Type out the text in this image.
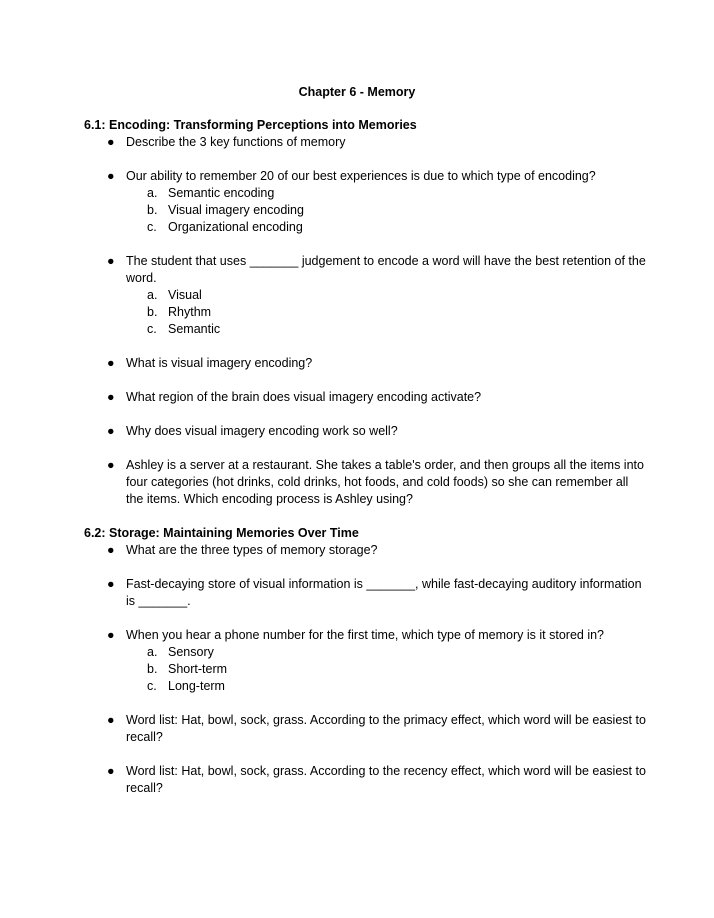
Chapter 6 - Memory
6.1: Encoding: Transforming Perceptions into Memories
● Describe the 3 key functions of memory
● Our ability to remember 20 of our best experiences is due to which type of encoding?
a. Semantic encoding
b. Visual imagery encoding
c. Organizational encoding
● The student that uses _______ judgement to encode a word will have the best retention of the word.
a. Visual
b. Rhythm
c. Semantic
● What is visual imagery encoding?
● What region of the brain does visual imagery encoding activate?
● Why does visual imagery encoding work so well?
● Ashley is a server at a restaurant. She takes a table's order, and then groups all the items into four categories (hot drinks, cold drinks, hot foods, and cold foods) so she can remember all the items. Which encoding process is Ashley using?
6.2: Storage: Maintaining Memories Over Time
● What are the three types of memory storage?
● Fast-decaying store of visual information is _______, while fast-decaying auditory information is _______.
● When you hear a phone number for the first time, which type of memory is it stored in?
a. Sensory
b. Short-term
c. Long-term
● Word list: Hat, bowl, sock, grass. According to the primacy effect, which word will be easiest to recall?
● Word list: Hat, bowl, sock, grass. According to the recency effect, which word will be easiest to recall?
